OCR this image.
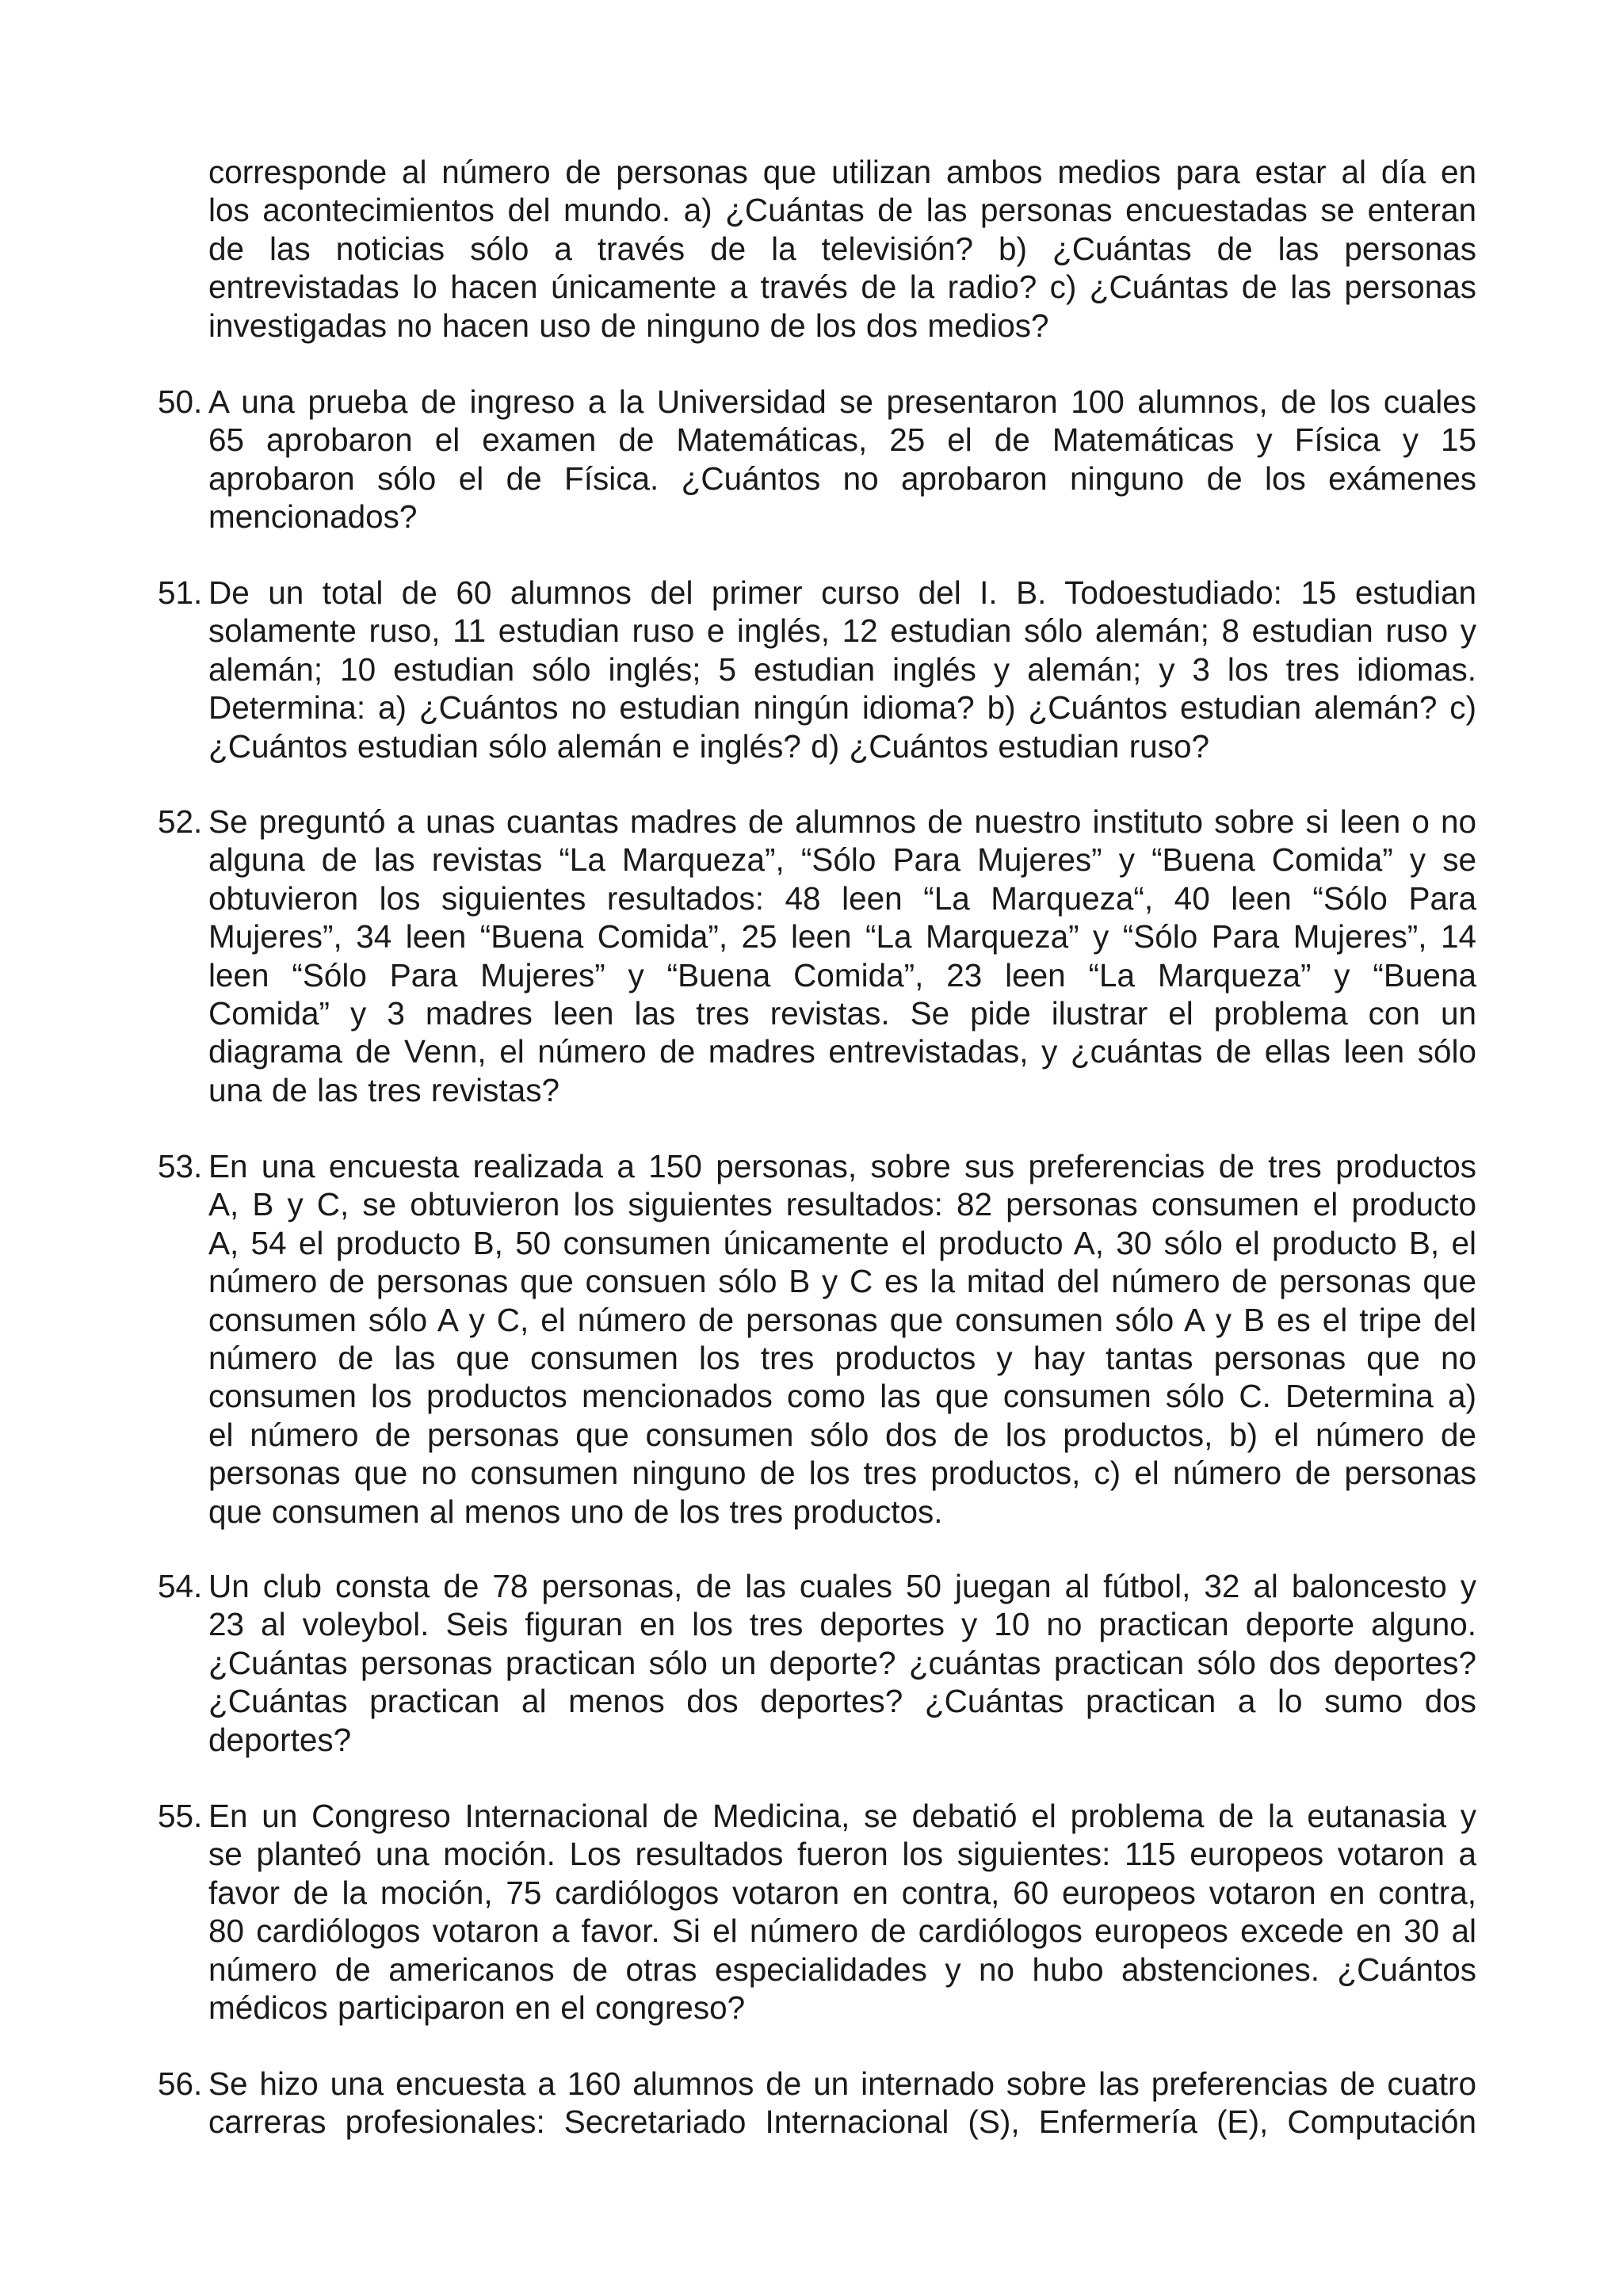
corresponde al número de personas que utilizan ambos medios para estar al día en
los acontecimientos del mundo. a) ¿Cuántas de las personas encuestadas se enteran
de las noticias sólo a través de la televisión? b) ¿Cuántas de las personas
entrevistadas lo hacen únicamente a través de la radio? c) ¿Cuántas de las personas
investigadas no hacen uso de ninguno de los dos medios?
50. A una prueba de ingreso a la Universidad se presentaron 100 alumnos, de los cuales
65 aprobaron el examen de Matemáticas, 25 el de Matemáticas y Física y 15
aprobaron sólo el de Física. ¿Cuántos no aprobaron ninguno de los exámenes
mencionados?
51. De un total de 60 alumnos del primer curso del I. B. Todoestudiado: 15 estudian
solamente ruso, 11 estudian ruso e inglés, 12 estudian sólo alemán; 8 estudian ruso y
alemán; 10 estudian sólo inglés; 5 estudian inglés y alemán; y 3 los tres idiomas.
Determina: a) ¿Cuántos no estudian ningún idioma? b) ¿Cuántos estudian alemán? c)
¿Cuántos estudian sólo alemán e inglés? d) ¿Cuántos estudian ruso?
52. Se preguntó a unas cuantas madres de alumnos de nuestro instituto sobre si leen o no
alguna de las revistas “La Marqueza”, “Sólo Para Mujeres” y “Buena Comida” y se
obtuvieron los siguientes resultados: 48 leen “La Marqueza“, 40 leen “Sólo Para
Mujeres”, 34 leen “Buena Comida”, 25 leen “La Marqueza” y “Sólo Para Mujeres”, 14
leen “Sólo Para Mujeres” y “Buena Comida”, 23 leen “La Marqueza” y “Buena
Comida” y 3 madres leen las tres revistas. Se pide ilustrar el problema con un
diagrama de Venn, el número de madres entrevistadas, y ¿cuántas de ellas leen sólo
una de las tres revistas?
53. En una encuesta realizada a 150 personas, sobre sus preferencias de tres productos
A, B y C, se obtuvieron los siguientes resultados: 82 personas consumen el producto
A, 54 el producto B, 50 consumen únicamente el producto A, 30 sólo el producto B, el
número de personas que consuen sólo B y C es la mitad del número de personas que
consumen sólo A y C, el número de personas que consumen sólo A y B es el tripe del
número de las que consumen los tres productos y hay tantas personas que no
consumen los productos mencionados como las que consumen sólo C. Determina a)
el número de personas que consumen sólo dos de los productos, b) el número de
personas que no consumen ninguno de los tres productos, c) el número de personas
que consumen al menos uno de los tres productos.
54. Un club consta de 78 personas, de las cuales 50 juegan al fútbol, 32 al baloncesto y
23 al voleybol. Seis figuran en los tres deportes y 10 no practican deporte alguno.
¿Cuántas personas practican sólo un deporte? ¿cuántas practican sólo dos deportes?
¿Cuántas practican al menos dos deportes? ¿Cuántas practican a lo sumo dos
deportes?
55. En un Congreso Internacional de Medicina, se debatió el problema de la eutanasia y
se planteó una moción. Los resultados fueron los siguientes: 115 europeos votaron a
favor de la moción, 75 cardiólogos votaron en contra, 60 europeos votaron en contra,
80 cardiólogos votaron a favor. Si el número de cardiólogos europeos excede en 30 al
número de americanos de otras especialidades y no hubo abstenciones. ¿Cuántos
médicos participaron en el congreso?
56. Se hizo una encuesta a 160 alumnos de un internado sobre las preferencias de cuatro
carreras profesionales: Secretariado Internacional (S), Enfermería (E), Computación
